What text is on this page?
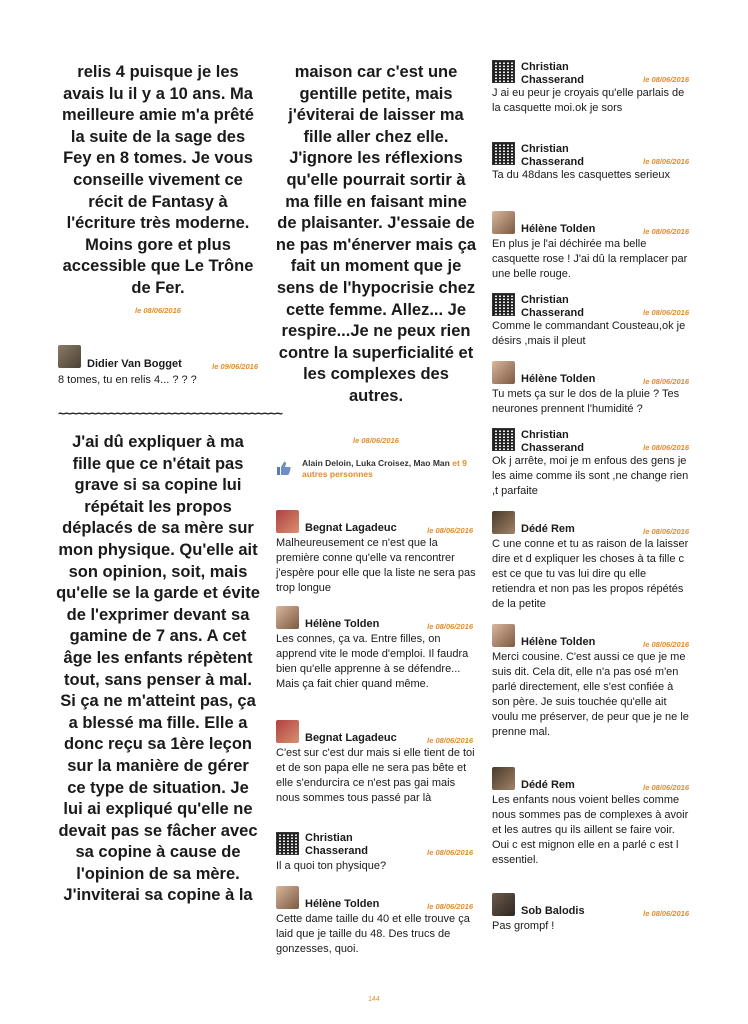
relis 4 puisque je les avais lu il y a 10 ans. Ma meilleure amie m'a prêté la suite de la sage des Fey en 8 tomes. Je vous conseille vivement ce récit de Fantasy à l'écriture très moderne. Moins gore et plus accessible que Le Trône de Fer.

le 08/06/2016
Didier Van Bogget	le 09/06/2016

8 tomes, tu en relis 4... ? ? ?

~~~~~~~~~~~~~~~~~~~~~~~~~~~~~~~~~~~

J'ai dû expliquer à ma fille que ce n'était pas grave si sa copine lui répétait les propos déplacés de sa mère sur mon physique. Qu'elle ait son opinion, soit, mais qu'elle se la garde et évite de l'exprimer devant sa gamine de 7 ans. A cet âge les enfants répètent tout, sans penser à mal. Si ça ne m'atteint pas, ça a blessé ma fille. Elle a donc reçu sa 1ère leçon sur la manière de gérer ce type de situation. Je lui ai expliqué qu'elle ne devait pas se fâcher avec sa copine à cause de l'opinion de sa mère. J'inviterai sa copine à la

maison car c'est une gentille petite, mais j'éviterai de laisser ma fille aller chez elle. J'ignore les réflexions qu'elle pourrait sortir à ma fille en faisant mine de plaisanter. J'essaie de ne pas m'énerver mais ça fait un moment que je sens de l'hypocrisie chez cette femme. Allez... Je respire...Je ne peux rien contre la superficialité et les complexes des autres.

le 08/06/2016
Alain Deloin, Luka Croisez, Mao Man et 9 autres personnes
Begnat Lagadeuc	le 08/06/2016

Malheureusement ce n'est que la première conne qu'elle va rencontrer j'espère pour elle que la liste ne sera pas trop longue

Hélène Tolden	le 08/06/2016

Les connes, ça va. Entre filles, on apprend vite le mode d'emploi. Il faudra bien qu'elle apprenne à se défendre... Mais ça fait chier quand même.

Begnat Lagadeuc	le 08/06/2016

C'est sur c'est dur mais si elle tient de toi et de son papa elle ne sera pas bête et elle s'endurcira ce n'est pas gai mais nous sommes tous passé par là

Christian
Chasserand	le 08/06/2016

Il a quoi ton physique?

Hélène Tolden	le 08/06/2016

Cette dame taille du 40 et elle trouve ça laid que je taille du 48. Des trucs de gonzesses, quoi.

Christian
Chasserand	le 08/06/2016

J ai eu peur je croyais qu'elle parlais de la casquette moi.ok je sors

Christian
Chasserand	le 08/06/2016

Ta du 48dans les casquettes serieux

Hélène Tolden	le 08/06/2016

En plus je l'ai déchirée ma belle casquette rose ! J'ai dû la remplacer par une belle rouge.

Christian
Chasserand	le 08/06/2016

Comme le commandant Cousteau,ok je désirs ,mais il pleut

Hélène Tolden	le 08/06/2016

Tu mets ça sur le dos de la pluie ? Tes neurones prennent l'humidité ?

Christian
Chasserand	le 08/06/2016

Ok j arrête, moi je m enfous des gens je les aime comme ils sont ,ne change rien ,t parfaite

Dédé Rem	le 08/06/2016

C une conne et tu as raison de la laisser dire et d expliquer les choses à ta fille c est ce que tu vas lui dire qu elle retiendra et non pas les propos répétés de la petite

Hélène Tolden	le 08/06/2016

Merci cousine. C'est aussi ce que je me suis dit. Cela dit, elle n'a pas osé m'en parlé directement, elle s'est confiée à son père. Je suis touchée qu'elle ait voulu me préserver, de peur que je ne le prenne mal.

Dédé Rem	le 08/06/2016

Les enfants nous voient belles comme nous sommes pas de complexes à avoir et les autres qu ils aillent se faire voir. Oui c est mignon elle en a parlé c est l essentiel.

Sob Balodis	le 08/06/2016

Pas grompf !

144
